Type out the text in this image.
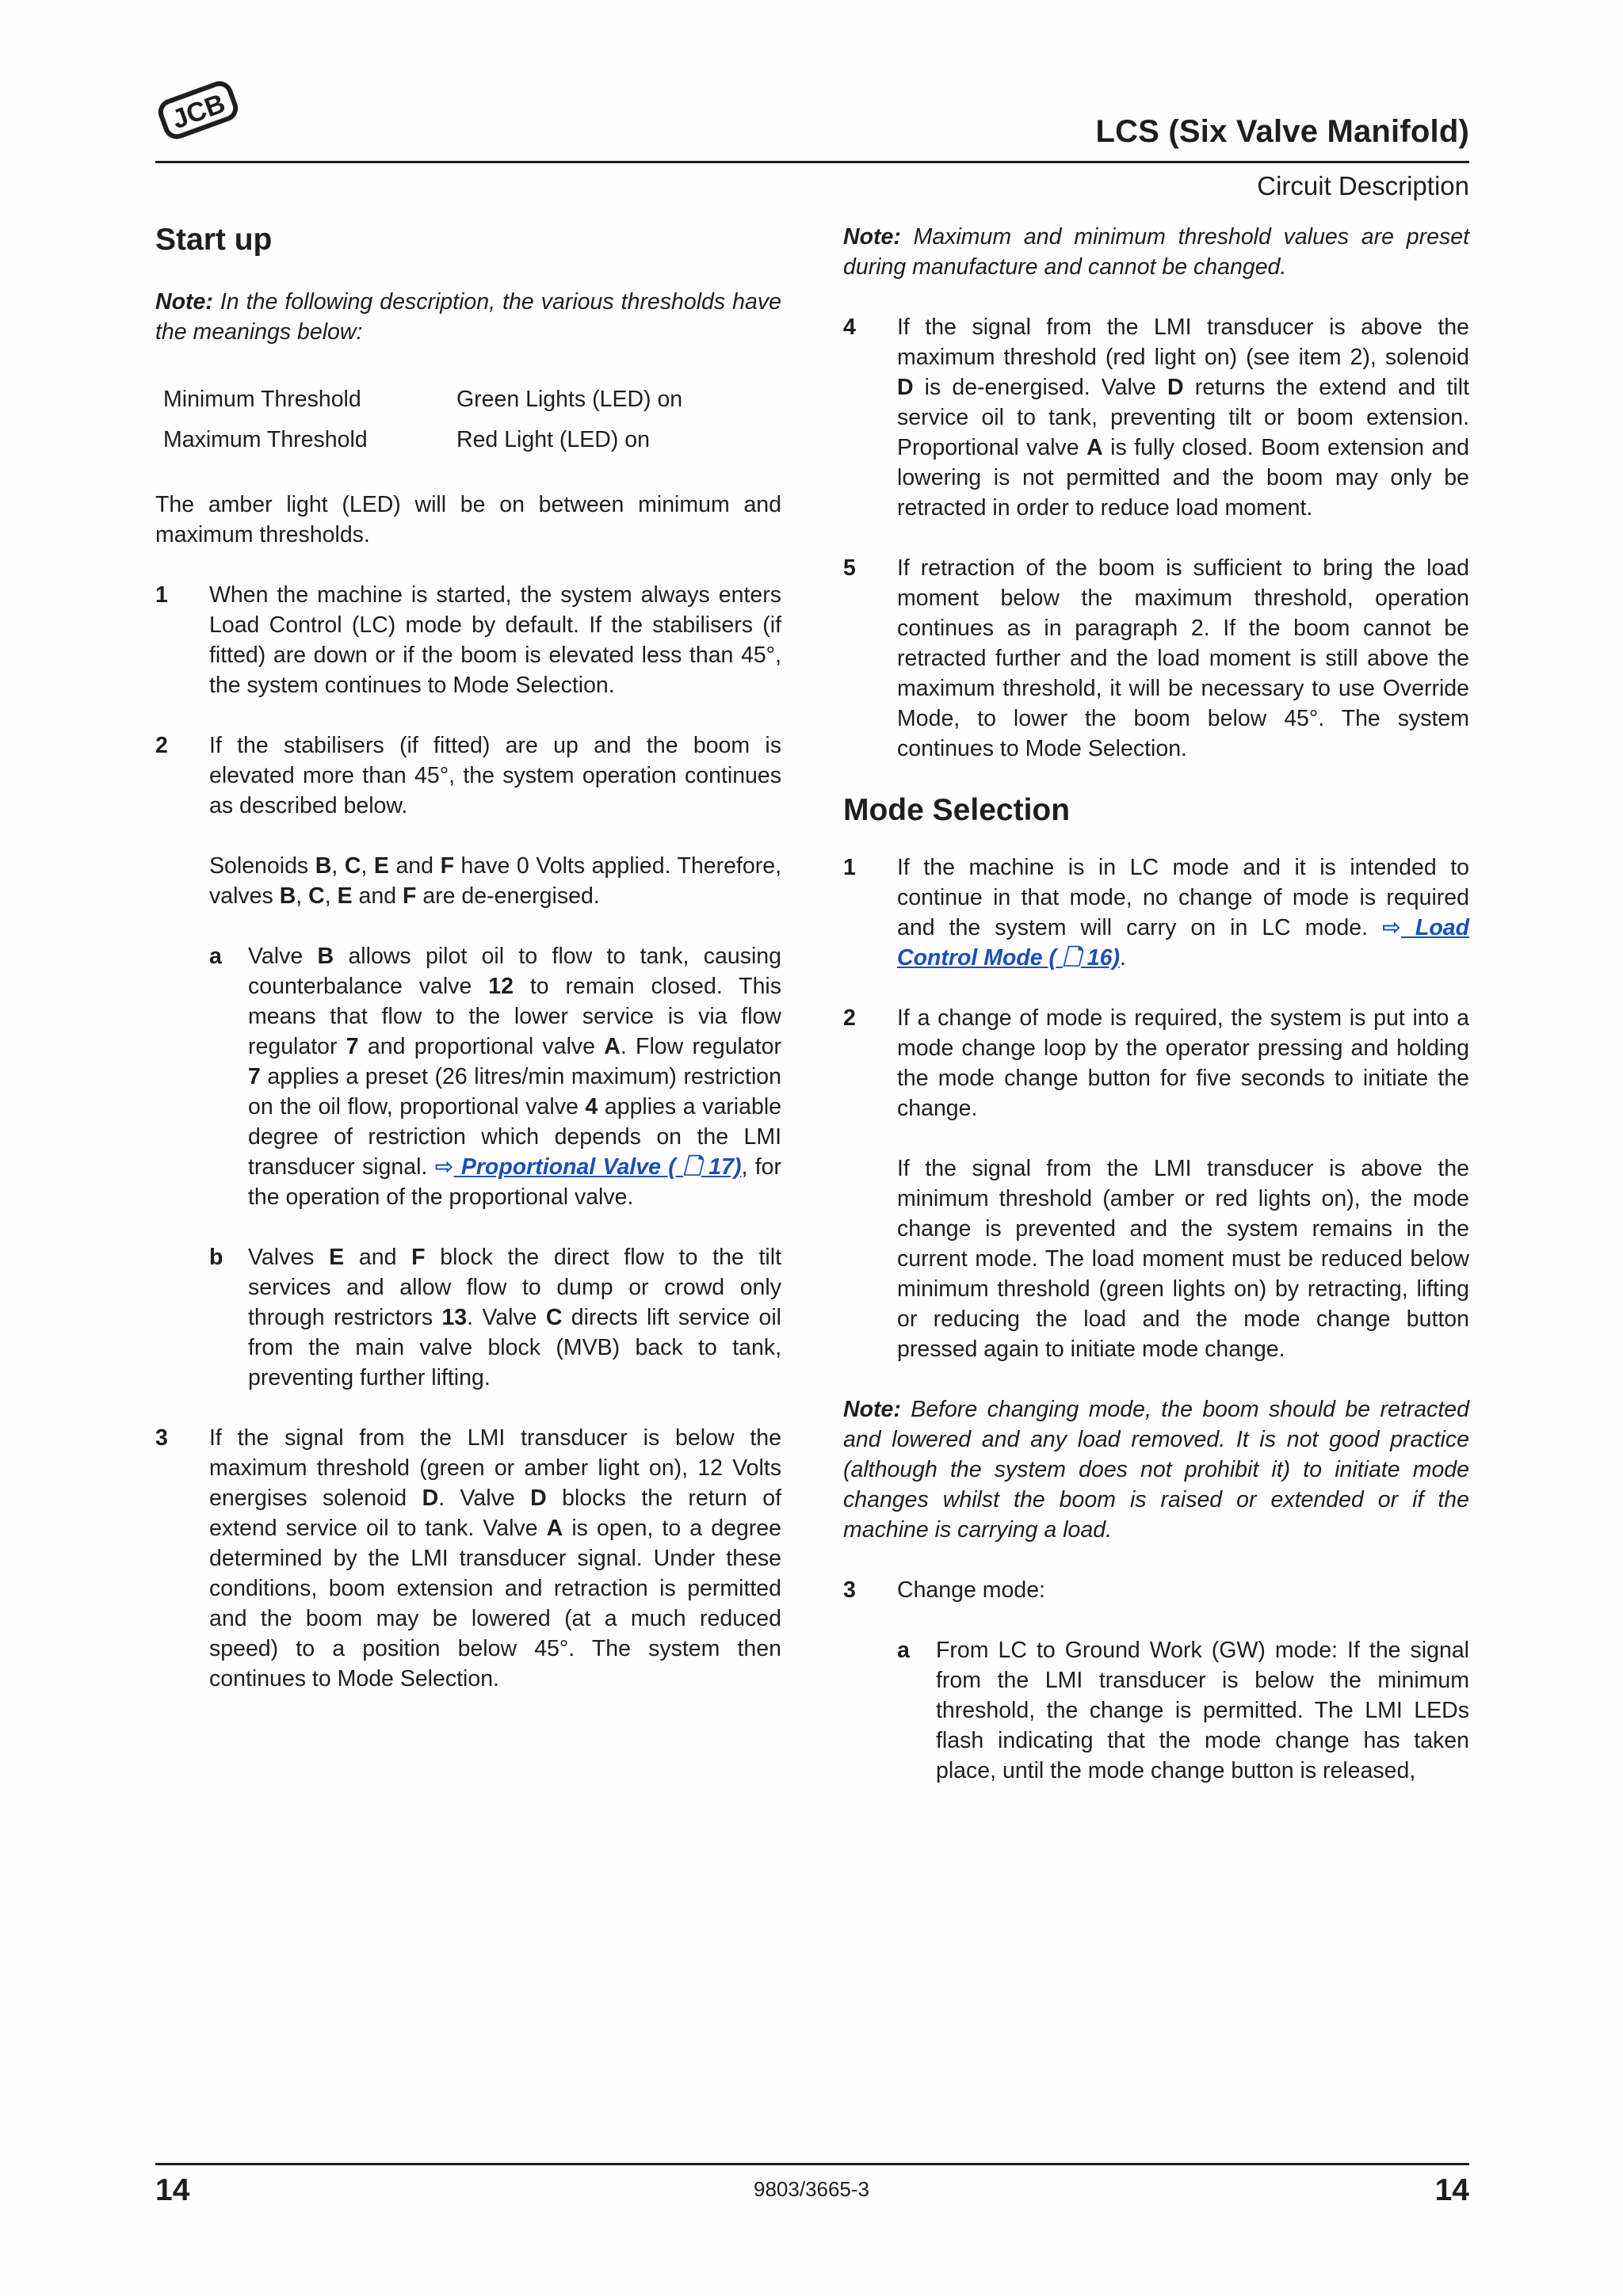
JCB	LCS (Six Valve Manifold)
Circuit Description
Start up

Note: In the following description, the various thresholds have the meanings below:

Minimum Threshold	Green Lights (LED) on
Maximum Threshold	Red Light (LED) on

The amber light (LED) will be on between minimum and maximum thresholds.

1	When the machine is started, the system always enters Load Control (LC) mode by default. If the stabilisers (if fitted) are down or if the boom is elevated less than 45°, the system continues to Mode Selection.

2	If the stabilisers (if fitted) are up and the boom is elevated more than 45°, the system operation continues as described below.

Solenoids B, C, E and F have 0 Volts applied. Therefore, valves B, C, E and F are de-energised.

a	Valve B allows pilot oil to flow to tank, causing counterbalance valve 12 to remain closed. This means that flow to the lower service is via flow regulator 7 and proportional valve A. Flow regulator 7 applies a preset (26 litres/min maximum) restriction on the oil flow, proportional valve 4 applies a variable degree of restriction which depends on the LMI transducer signal. ⇨ Proportional Valve ( 🗋 17), for the operation of the proportional valve.

b	Valves E and F block the direct flow to the tilt services and allow flow to dump or crowd only through restrictors 13. Valve C directs lift service oil from the main valve block (MVB) back to tank, preventing further lifting.

3	If the signal from the LMI transducer is below the maximum threshold (green or amber light on), 12 Volts energises solenoid D. Valve D blocks the return of extend service oil to tank. Valve A is open, to a degree determined by the LMI transducer signal. Under these conditions, boom extension and retraction is permitted and the boom may be lowered (at a much reduced speed) to a position below 45°. The system then continues to Mode Selection.

Note: Maximum and minimum threshold values are preset during manufacture and cannot be changed.

4	If the signal from the LMI transducer is above the maximum threshold (red light on) (see item 2), solenoid D is de-energised. Valve D returns the extend and tilt service oil to tank, preventing tilt or boom extension. Proportional valve A is fully closed. Boom extension and lowering is not permitted and the boom may only be retracted in order to reduce load moment.

5	If retraction of the boom is sufficient to bring the load moment below the maximum threshold, operation continues as in paragraph 2. If the boom cannot be retracted further and the load moment is still above the maximum threshold, it will be necessary to use Override Mode, to lower the boom below 45°. The system continues to Mode Selection.

Mode Selection
1	If the machine is in LC mode and it is intended to continue in that mode, no change of mode is required and the system will carry on in LC mode. ⇨ Load Control Mode ( 🗋 16).

2	If a change of mode is required, the system is put into a mode change loop by the operator pressing and holding the mode change button for five seconds to initiate the change.

If the signal from the LMI transducer is above the minimum threshold (amber or red lights on), the mode change is prevented and the system remains in the current mode. The load moment must be reduced below minimum threshold (green lights on) by retracting, lifting or reducing the load and the mode change button pressed again to initiate mode change.

Note: Before changing mode, the boom should be retracted and lowered and any load removed. It is not good practice (although the system does not prohibit it) to initiate mode changes whilst the boom is raised or extended or if the machine is carrying a load.

3	Change mode:

a	From LC to Ground Work (GW) mode: If the signal from the LMI transducer is below the minimum threshold, the change is permitted. The LMI LEDs flash indicating that the mode change has taken place, until the mode change button is released,

14	9803/3665-3	14
